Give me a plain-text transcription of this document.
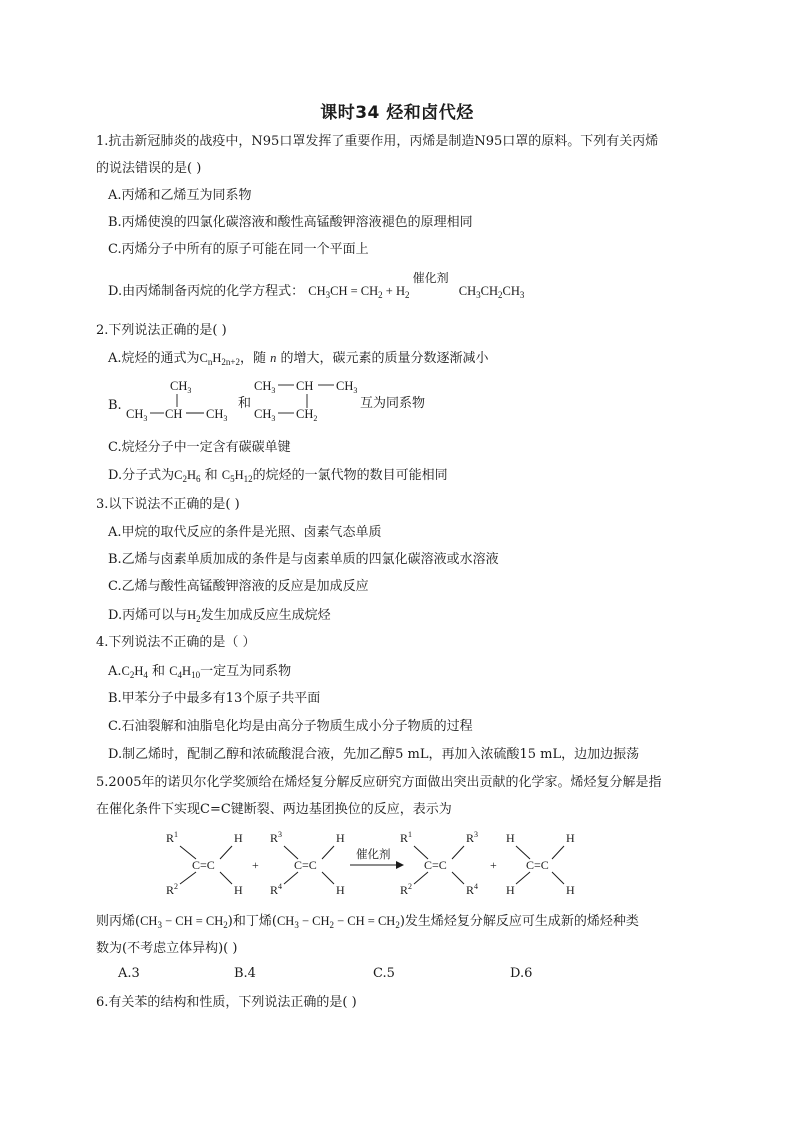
课时34 烃和卤代烃
1.抗击新冠肺炎的战疫中，N95口罩发挥了重要作用，丙烯是制造N95口罩的原料。下列有关丙烯
的说法错误的是( )
A.丙烯和乙烯互为同系物
B.丙烯使溴的四氯化碳溶液和酸性高锰酸钾溶液褪色的原理相同
C.丙烯分子中所有的原子可能在同一个平面上
D.由丙烯制备丙烷的化学方程式： $CH_3CH = CH_2 + H_2$
催化剂
$CH_3CH_2CH_3$
2.下列说法正确的是( )
A.烷烃的通式为$C_nH_{2n+2}$，随 n 的增大，碳元素的质量分数逐渐减小
B.
$CH_3$
$CH_3$ CH $CH_3$
和
$CH_3$ CH $CH_3$
$CH_3$ $CH_2$
互为同系物
C.烷烃分子中一定含有碳碳单键
D.分子式为$C_2H_6$ 和 $C_5H_{12}$的烷烃的一氯代物的数目可能相同
3.以下说法不正确的是( )
A.甲烷的取代反应的条件是光照、卤素气态单质
B.乙烯与卤素单质加成的条件是与卤素单质的四氯化碳溶液或水溶液
C.乙烯与酸性高锰酸钾溶液的反应是加成反应
D.丙烯可以与$H_2$发生加成反应生成烷烃
4.下列说法不正确的是（ ）
$A.C_2H_4$ 和 $C_4H_{10}$一定互为同系物
B.甲苯分子中最多有13个原子共平面
C.石油裂解和油脂皂化均是由高分子物质生成小分子物质的过程
D.制乙烯时，配制乙醇和浓硫酸混合液，先加乙醇5 mL，再加入浓硫酸15 mL，边加边振荡
5.2005年的诺贝尔化学奖颁给在烯烃复分解反应研究方面做出突出贡献的化学家。烯烃复分解是指
在催化条件下实现C=C键断裂、两边基团换位的反应，表示为
$R^1$	H
C=C
$R^2$	H
+
$R^3$	H
C=C
$R^4$	H
催化剂
$R^1$	$R^3$
C=C
$R^2$	$R^4$
+
H	H
C=C
H	H
则丙烯($CH_3$ − CH = $CH_2$)和丁烯($CH_3 - CH_2$ − CH = $CH_2$)发生烯烃复分解反应可生成新的烯烃种类
数为(不考虑立体异构)( )
A.3	B.4	C.5	D.6
6.有关苯的结构和性质，下列说法正确的是( )
